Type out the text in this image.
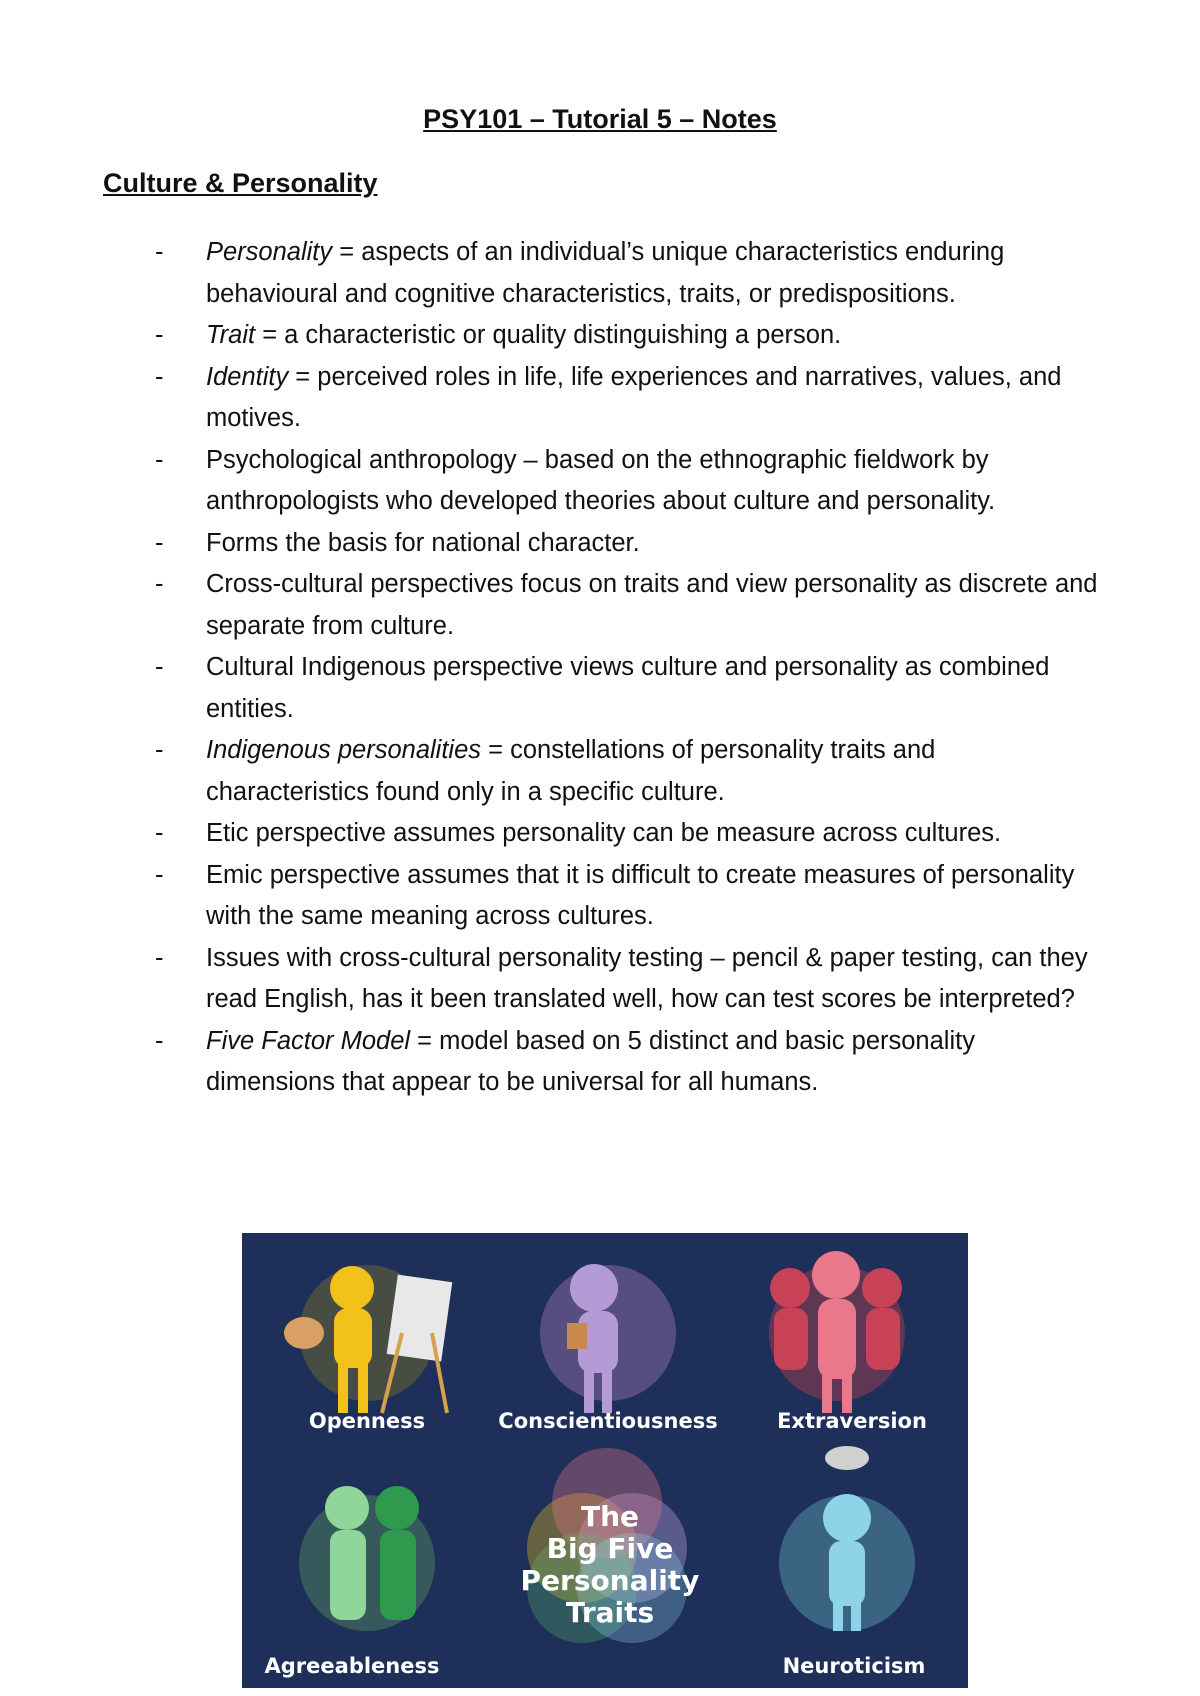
PSY101 – Tutorial 5 – Notes
Culture & Personality
- Personality = aspects of an individual’s unique characteristics enduring behavioural and cognitive characteristics, traits, or predispositions.
- Trait = a characteristic or quality distinguishing a person.
- Identity = perceived roles in life, life experiences and narratives, values, and motives.
- Psychological anthropology – based on the ethnographic fieldwork by anthropologists who developed theories about culture and personality.
- Forms the basis for national character.
- Cross-cultural perspectives focus on traits and view personality as discrete and separate from culture.
- Cultural Indigenous perspective views culture and personality as combined entities.
- Indigenous personalities = constellations of personality traits and characteristics found only in a specific culture.
- Etic perspective assumes personality can be measure across cultures.
- Emic perspective assumes that it is difficult to create measures of personality with the same meaning across cultures.
- Issues with cross-cultural personality testing – pencil & paper testing, can they read English, has it been translated well, how can test scores be interpreted?
- Five Factor Model = model based on 5 distinct and basic personality dimensions that appear to be universal for all humans.
Openness	Conscientiousness	Extraversion
The
Big Five
Personality
Traits
Agreeableness	Neuroticism
